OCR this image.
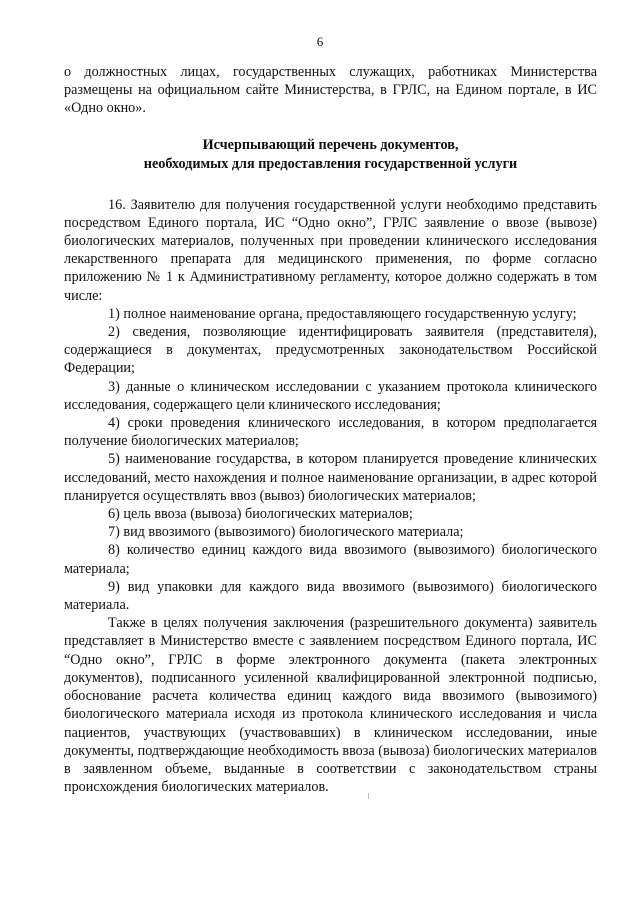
6

о должностных лицах, государственных служащих, работниках Министерства размещены на официальном сайте Министерства, в ГРЛС, на Едином портале, в ИС «Одно окно».

Исчерпывающий перечень документов,
необходимых для предоставления государственной услуги

16. Заявителю для получения государственной услуги необходимо представить посредством Единого портала, ИС “Одно окно”, ГРЛС заявление о ввозе (вывозе) биологических материалов, полученных при проведении клинического исследования лекарственного препарата для медицинского применения, по форме согласно приложению № 1 к Административному регламенту, которое должно содержать в том числе:

1) полное наименование органа, предоставляющего государственную услугу;

2) сведения, позволяющие идентифицировать заявителя (представителя), содержащиеся в документах, предусмотренных законодательством Российской Федерации;

3) данные о клиническом исследовании с указанием протокола клинического исследования, содержащего цели клинического исследования;

4) сроки проведения клинического исследования, в котором предполагается получение биологических материалов;

5) наименование государства, в котором планируется проведение клинических исследований, место нахождения и полное наименование организации, в адрес которой планируется осуществлять ввоз (вывоз) биологических материалов;

6) цель ввоза (вывоза) биологических материалов;

7) вид ввозимого (вывозимого) биологического материала;

8) количество единиц каждого вида ввозимого (вывозимого) биологического материала;

9) вид упаковки для каждого вида ввозимого (вывозимого) биологического материала.

Также в целях получения заключения (разрешительного документа) заявитель представляет в Министерство вместе с заявлением посредством Единого портала, ИС “Одно окно”, ГРЛС в форме электронного документа (пакета электронных документов), подписанного усиленной квалифицированной электронной подписью, обоснование расчета количества единиц каждого вида ввозимого (вывозимого) биологического материала исходя из протокола клинического исследования и числа пациентов, участвующих (участвовавших) в клиническом исследовании, иные документы, подтверждающие необходимость ввоза (вывоза) биологических материалов в заявленном объеме, выданные в соответствии с законодательством страны происхождения биологических материалов.
